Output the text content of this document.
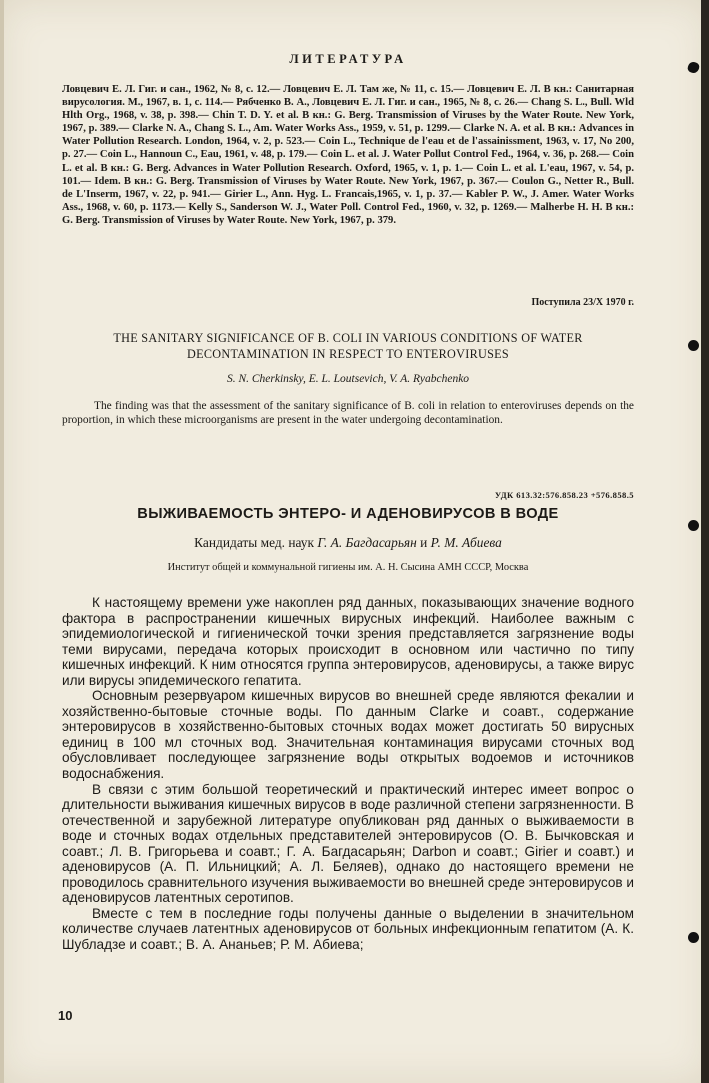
ЛИТЕРАТУРА
Ловцевич Е. Л. Гиг. и сан., 1962, № 8, с. 12.— Ловцевич Е. Л. Там же, № 11, с. 15.— Ловцевич Е. Л. В кн.: Санитарная вирусология. М., 1967, в. 1, с. 114.— Рябченко В. А., Ловцевич Е. Л. Гиг. и сан., 1965, № 8, с. 26.— Chang S. L., Bull. Wld Hlth Org., 1968, v. 38, p. 398.— Chin T. D. Y. et al. В кн.: G. Berg. Transmission of Viruses by the Water Route. New York, 1967, p. 389.— Clarke N. A., Chang S. L., Am. Water Works Ass., 1959, v. 51, p. 1299.— Clarke N. A. et al. В кн.: Advances in Water Pollution Research. London, 1964, v. 2, p. 523.— Coin L., Technique de l'eau et de l'assainissment, 1963, v. 17, No 200, p. 27.— Coin L., Hannoun C., Eau, 1961, v. 48, p. 179.— Coin L. et al. J. Water Pollut Control Fed., 1964, v. 36, p. 268.— Coin L. et al. В кн.: G. Berg. Advances in Water Pollution Research. Oxford, 1965, v. 1, p. 1.— Coin L. et al. L'eau, 1967, v. 54, p. 101.— Idem. В кн.: G. Berg. Transmission of Viruses by Water Route. New York, 1967, p. 367.— Coulon G., Netter R., Bull. de L'Inserm, 1967, v. 22, p. 941.— Girier L., Ann. Hyg. L. Francais,1965, v. 1, p. 37.— Kabler P. W., J. Amer. Water Works Ass., 1968, v. 60, p. 1173.— Kelly S., Sanderson W. J., Water Poll. Control Fed., 1960, v. 32, p. 1269.— Malherbe H. H. В кн.: G. Berg. Transmission of Viruses by Water Route. New York, 1967, p. 379.
Поступила 23/X 1970 г.
THE SANITARY SIGNIFICANCE OF B. COLI IN VARIOUS CONDITIONS OF WATER DECONTAMINATION IN RESPECT TO ENTEROVIRUSES
S. N. Cherkinsky, E. L. Loutsevich, V. A. Ryabchenko
The finding was that the assessment of the sanitary significance of B. coli in relation to enteroviruses depends on the proportion, in which these microorganisms are present in the water undergoing decontamination.
УДК 613.32:576.858.23 +576.858.5
ВЫЖИВАЕМОСТЬ ЭНТЕРО- И АДЕНОВИРУСОВ В ВОДЕ
Кандидаты мед. наук Г. А. Багдасарьян и Р. М. Абиева
Институт общей и коммунальной гигиены им. А. Н. Сысина АМН СССР, Москва

К настоящему времени уже накоплен ряд данных, показывающих значение водного фактора в распространении кишечных вирусных инфекций. Наиболее важным с эпидемиологической и гигиенической точки зрения представляется загрязнение воды теми вирусами, передача которых происходит в основном или частично по типу кишечных инфекций. К ним относятся группа энтеровирусов, аденовирусы, а также вирус или вирусы эпидемического гепатита.

Основным резервуаром кишечных вирусов во внешней среде являются фекалии и хозяйственно-бытовые сточные воды. По данным Clarke и соавт., содержание энтеровирусов в хозяйственно-бытовых сточных водах может достигать 50 вирусных единиц в 100 мл сточных вод. Значительная контаминация вирусами сточных вод обусловливает последующее загрязнение воды открытых водоемов и источников водоснабжения.

В связи с этим большой теоретический и практический интерес имеет вопрос о длительности выживания кишечных вирусов в воде различной степени загрязненности. В отечественной и зарубежной литературе опубликован ряд данных о выживаемости в воде и сточных водах отдельных представителей энтеровирусов (О. В. Бычковская и соавт.; Л. В. Григорьева и соавт.; Г. А. Багдасарьян; Darbon и соавт.; Girier и соавт.) и аденовирусов (А. П. Ильницкий; А. Л. Беляев), однако до настоящего времени не проводилось сравнительного изучения выживаемости во внешней среде энтеровирусов и аденовирусов латентных серотипов.

Вместе с тем в последние годы получены данные о выделении в значительном количестве случаев латентных аденовирусов от больных инфекционным гепатитом (А. К. Шубладзе и соавт.; В. А. Ананьев; Р. М. Абиева;

10
